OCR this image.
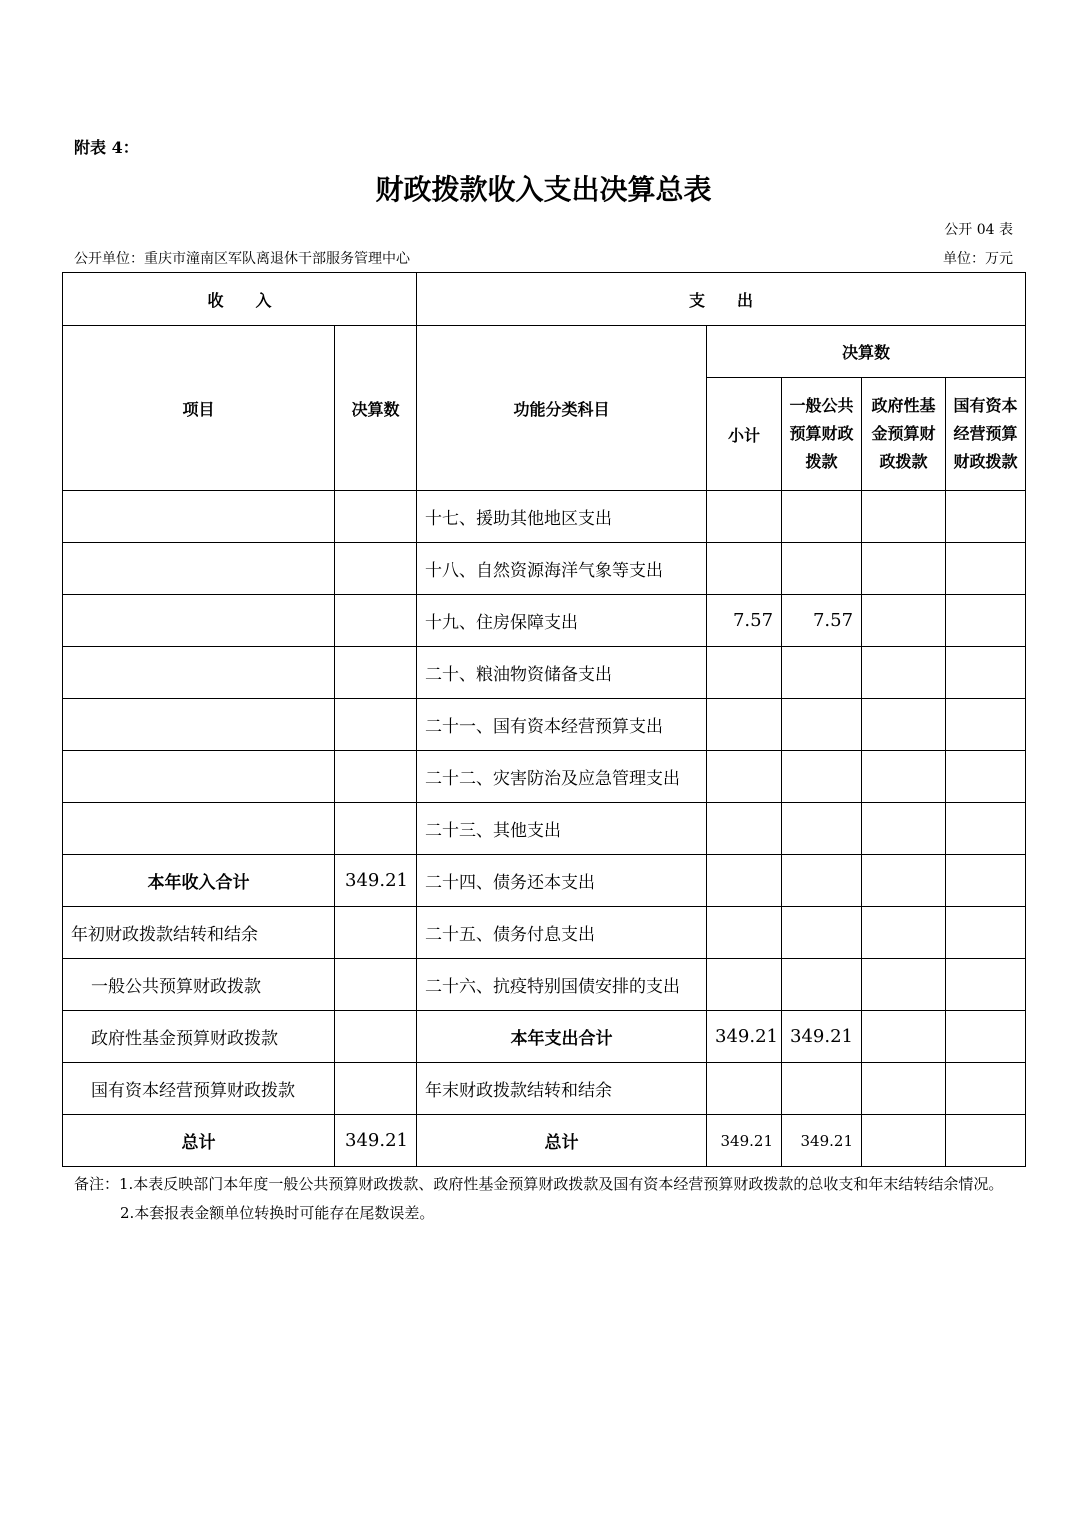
附表 4：
财政拨款收入支出决算总表
公开 04 表
公开单位：重庆市潼南区军队离退休干部服务管理中心	单位：万元
收　　入		支　　出				
项目	决算数	功能分类科目	决算数			
			小计	一般公共预算财政拨款	政府性基金预算财政拨款	国有资本经营预算财政拨款
		十七、援助其他地区支出				
		十八、自然资源海洋气象等支出				
		十九、住房保障支出	7.57	7.57		
		二十、粮油物资储备支出				
		二十一、国有资本经营预算支出				
		二十二、灾害防治及应急管理支出				
		二十三、其他支出				
本年收入合计	349.21	二十四、债务还本支出				
年初财政拨款结转和结余		二十五、债务付息支出				
一般公共预算财政拨款		二十六、抗疫特别国债安排的支出				
政府性基金预算财政拨款		本年支出合计	349.21	349.21		
国有资本经营预算财政拨款		年末财政拨款结转和结余				
总计	349.21	总计	349.21	349.21		
备注：1.本表反映部门本年度一般公共预算财政拨款、政府性基金预算财政拨款及国有资本经营预算财政拨款的总收支和年末结转结余情况。
2.本套报表金额单位转换时可能存在尾数误差。
